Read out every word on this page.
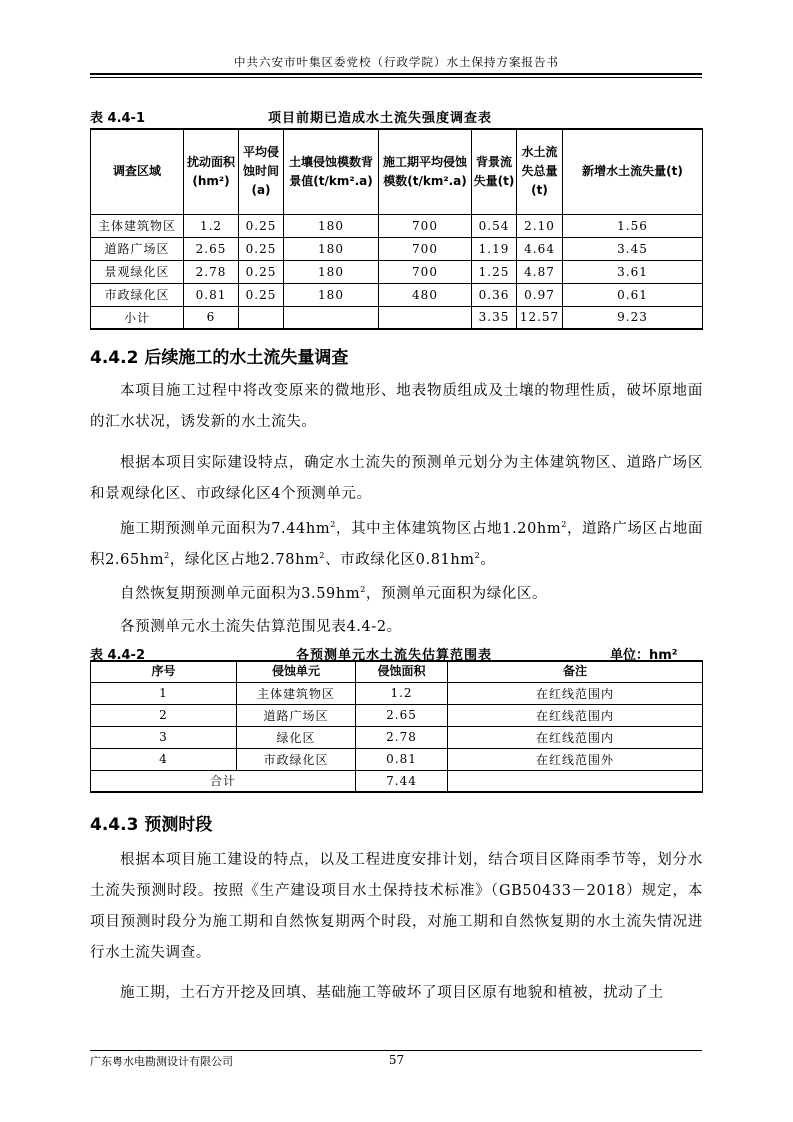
中共六安市叶集区委党校（行政学院）水土保持方案报告书
表 4.4-1	项目前期已造成水土流失强度调查表
调查区域	扰动面积(hm²)	平均侵蚀时间(a)	土壤侵蚀模数背景值(t/km².a)	施工期平均侵蚀模数(t/km².a)	背景流失量(t)	水土流失总量(t)	新增水土流失量(t)
主体建筑物区	1.2	0.25	180	700	0.54	2.10	1.56
道路广场区	2.65	0.25	180	700	1.19	4.64	3.45
景观绿化区	2.78	0.25	180	700	1.25	4.87	3.61
市政绿化区	0.81	0.25	180	480	0.36	0.97	0.61
小计	6				3.35	12.57	9.23
4.4.2 后续施工的水土流失量调查

本项目施工过程中将改变原来的微地形、地表物质组成及土壤的物理性质，破坏原地面的汇水状况，诱发新的水土流失。

根据本项目实际建设特点，确定水土流失的预测单元划分为主体建筑物区、道路广场区和景观绿化区、市政绿化区4个预测单元。

施工期预测单元面积为$7.44hm^2$，其中主体建筑物区占地$1.20hm^2$，道路广场区占地面积$2.65hm^2$，绿化区占地$2.78hm^2$、市政绿化区$0.81hm^2$。

自然恢复期预测单元面积为$3.59hm^2$，预测单元面积为绿化区。

各预测单元水土流失估算范围见表4.4-2。

表 4.4-2	各预测单元水土流失估算范围表	单位：hm²
序号	侵蚀单元	侵蚀面积	备注
1	主体建筑物区	1.2	在红线范围内
2	道路广场区	2.65	在红线范围内
3	绿化区	2.78	在红线范围内
4	市政绿化区	0.81	在红线范围外
合计		7.44	
4.4.3 预测时段

根据本项目施工建设的特点，以及工程进度安排计划，结合项目区降雨季节等，划分水土流失预测时段。按照《生产建设项目水土保持技术标准》（GB50433－2018）规定，本项目预测时段分为施工期和自然恢复期两个时段，对施工期和自然恢复期的水土流失情况进行水土流失调查。

施工期，土石方开挖及回填、基础施工等破坏了项目区原有地貌和植被，扰动了土

广东粤水电勘测设计有限公司	57
